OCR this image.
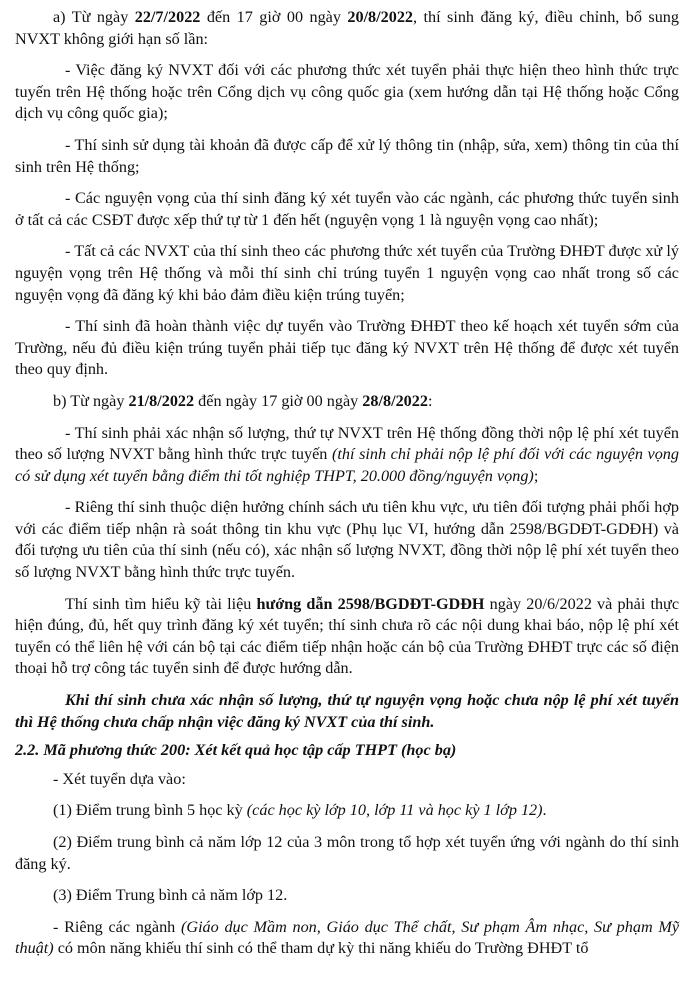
a) Từ ngày 22/7/2022 đến 17 giờ 00 ngày 20/8/2022, thí sinh đăng ký, điều chỉnh, bổ sung NVXT không giới hạn số lần:

- Việc đăng ký NVXT đối với các phương thức xét tuyển phải thực hiện theo hình thức trực tuyến trên Hệ thống hoặc trên Cổng dịch vụ công quốc gia (xem hướng dẫn tại Hệ thống hoặc Cổng dịch vụ công quốc gia);

- Thí sinh sử dụng tài khoản đã được cấp để xử lý thông tin (nhập, sửa, xem) thông tin của thí sinh trên Hệ thống;

- Các nguyện vọng của thí sinh đăng ký xét tuyển vào các ngành, các phương thức tuyển sinh ở tất cả các CSĐT được xếp thứ tự từ 1 đến hết (nguyện vọng 1 là nguyện vọng cao nhất);

- Tất cả các NVXT của thí sinh theo các phương thức xét tuyển của Trường ĐHĐT được xử lý nguyện vọng trên Hệ thống và mỗi thí sinh chỉ trúng tuyển 1 nguyện vọng cao nhất trong số các nguyện vọng đã đăng ký khi bảo đảm điều kiện trúng tuyển;

- Thí sinh đã hoàn thành việc dự tuyển vào Trường ĐHĐT theo kế hoạch xét tuyển sớm của Trường, nếu đủ điều kiện trúng tuyển phải tiếp tục đăng ký NVXT trên Hệ thống để được xét tuyển theo quy định.

b) Từ ngày 21/8/2022 đến ngày 17 giờ 00 ngày 28/8/2022:

- Thí sinh phải xác nhận số lượng, thứ tự NVXT trên Hệ thống đồng thời nộp lệ phí xét tuyển theo số lượng NVXT bằng hình thức trực tuyến (thí sinh chỉ phải nộp lệ phí đối với các nguyện vọng có sử dụng xét tuyển bằng điểm thi tốt nghiệp THPT, 20.000 đồng/nguyện vọng);

- Riêng thí sinh thuộc diện hưởng chính sách ưu tiên khu vực, ưu tiên đối tượng phải phối hợp với các điểm tiếp nhận rà soát thông tin khu vực (Phụ lục VI, hướng dẫn 2598/BGDĐT-GDĐH) và đối tượng ưu tiên của thí sinh (nếu có), xác nhận số lượng NVXT, đồng thời nộp lệ phí xét tuyển theo số lượng NVXT bằng hình thức trực tuyến.

Thí sinh tìm hiểu kỹ tài liệu hướng dẫn 2598/BGDĐT-GDĐH ngày 20/6/2022 và phải thực hiện đúng, đủ, hết quy trình đăng ký xét tuyển; thí sinh chưa rõ các nội dung khai báo, nộp lệ phí xét tuyển có thể liên hệ với cán bộ tại các điểm tiếp nhận hoặc cán bộ của Trường ĐHĐT trực các số điện thoại hỗ trợ công tác tuyển sinh để được hướng dẫn.

Khi thí sinh chưa xác nhận số lượng, thứ tự nguyện vọng hoặc chưa nộp lệ phí xét tuyển thì Hệ thống chưa chấp nhận việc đăng ký NVXT của thí sinh.

2.2. Mã phương thức 200: Xét kết quả học tập cấp THPT (học bạ)

- Xét tuyển dựa vào:

(1) Điểm trung bình 5 học kỳ (các học kỳ lớp 10, lớp 11 và học kỳ 1 lớp 12).

(2) Điểm trung bình cả năm lớp 12 của 3 môn trong tổ hợp xét tuyển ứng với ngành do thí sinh đăng ký.

(3) Điểm Trung bình cả năm lớp 12.

- Riêng các ngành (Giáo dục Mầm non, Giáo dục Thể chất, Sư phạm Âm nhạc, Sư phạm Mỹ thuật) có môn năng khiếu thí sinh có thể tham dự kỳ thi năng khiếu do Trường ĐHĐT tổ
